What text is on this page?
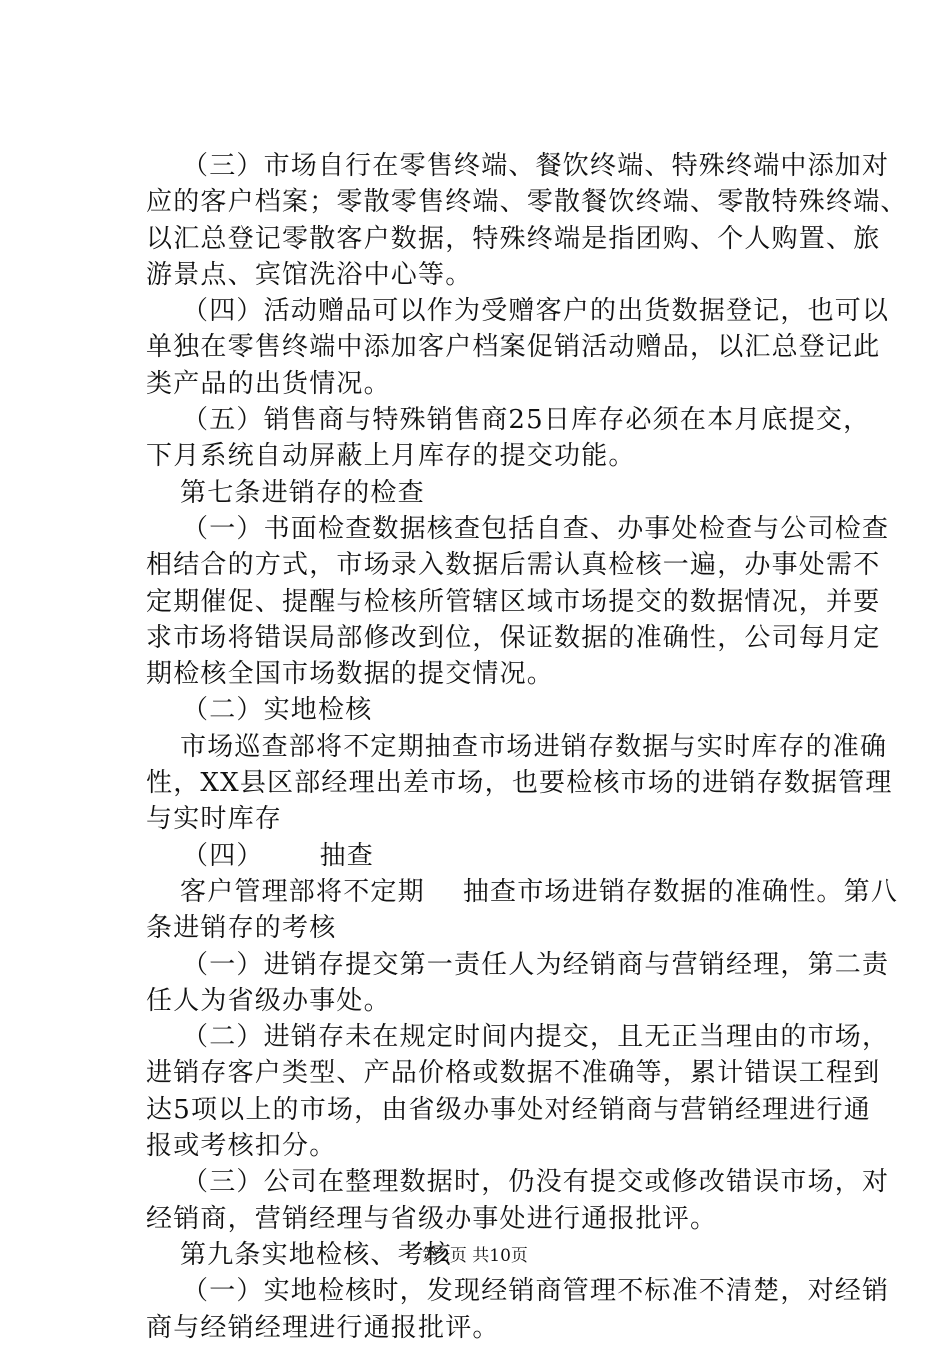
（三）市场自行在零售终端、餐饮终端、特殊终端中添加对
应的客户档案；零散零售终端、零散餐饮终端、零散特殊终端、
以汇总登记零散客户数据，特殊终端是指团购、个人购置、旅
游景点、宾馆洗浴中心等。
（四）活动赠品可以作为受赠客户的出货数据登记，也可以
单独在零售终端中添加客户档案促销活动赠品，以汇总登记此
类产品的出货情况。
（五）销售商与特殊销售商25日库存必须在本月底提交，
下月系统自动屏蔽上月库存的提交功能。
第七条进销存的检查
（一）书面检查数据核查包括自查、办事处检查与公司检查
相结合的方式，市场录入数据后需认真检核一遍，办事处需不
定期催促、提醒与检核所管辖区域市场提交的数据情况，并要
求市场将错误局部修改到位，保证数据的准确性，公司每月定
期检核全国市场数据的提交情况。
（二）实地检核
市场巡查部将不定期抽查市场进销存数据与实时库存的准确
性，XX县区部经理出差市场，也要检核市场的进销存数据管理
与实时库存
（四） 抽查
客户管理部将不定期 抽查市场进销存数据的准确性。第八
条进销存的考核
（一）进销存提交第一责任人为经销商与营销经理，第二责
任人为省级办事处。
（二）进销存未在规定时间内提交，且无正当理由的市场，
进销存客户类型、产品价格或数据不准确等，累计错误工程到
达5项以上的市场，由省级办事处对经销商与营销经理进行通
报或考核扣分。
（三）公司在整理数据时，仍没有提交或修改错误市场，对
经销商，营销经理与省级办事处进行通报批评。
第九条实地检核、考核
（一）实地检核时，发现经销商管理不标准不清楚，对经销
商与经销经理进行通报批评。
第2页 共10页
